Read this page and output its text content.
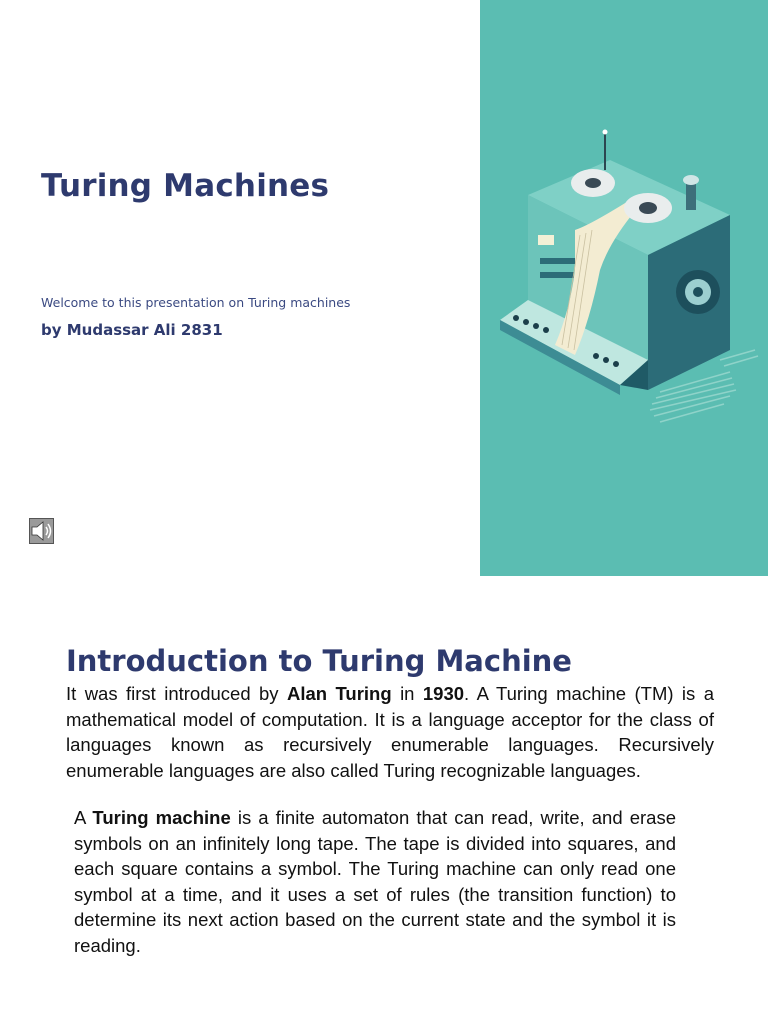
Turing Machines
Welcome to this presentation on Turing machines
by Mudassar Ali 2831
Introduction to Turing Machine

It was first introduced by Alan Turing in 1930. A Turing machine (TM) is a mathematical model of computation. It is a language acceptor for the class of languages known as recursively enumerable languages. Recursively enumerable languages are also called Turing recognizable languages.

A Turing machine is a finite automaton that can read, write, and erase symbols on an infinitely long tape. The tape is divided into squares, and each square contains a symbol. The Turing machine can only read one symbol at a time, and it uses a set of rules (the transition function) to determine its next action based on the current state and the symbol it is reading.
